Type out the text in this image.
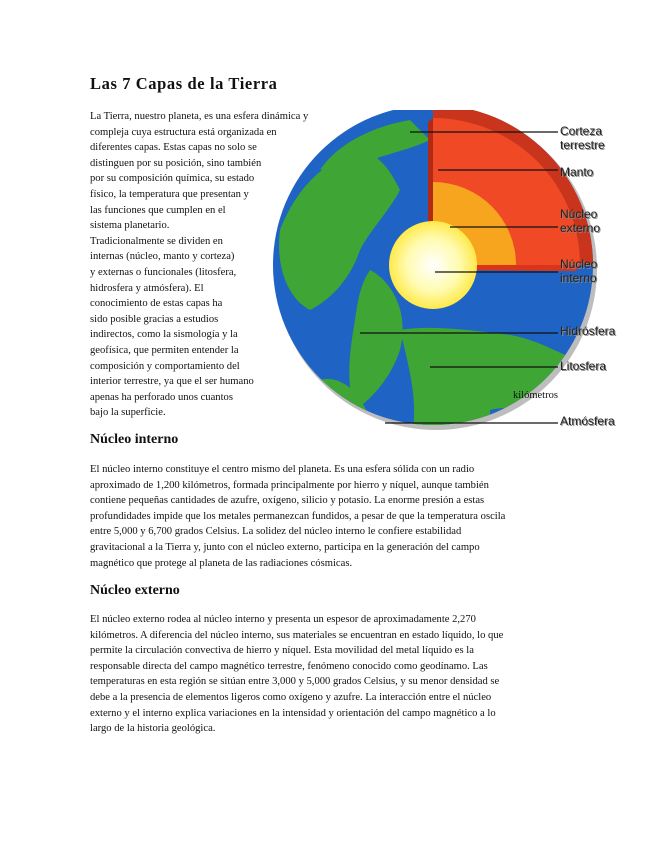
Las 7 Capas de la Tierra
Corteza
terrestre
Manto
Núcleo
externo
Núcleo
interno
Hidrósfera
Litosfera
Atmósfera
La Tierra, nuestro planeta, es una esfera dinámica y
compleja cuya estructura está organizada en
diferentes capas. Estas capas no solo se
distinguen por su posición, sino también
por su composición química, su estado
físico, la temperatura que presentan y
las funciones que cumplen en el
sistema planetario.
Tradicionalmente se dividen en
internas (núcleo, manto y corteza)
y externas o funcionales (litosfera,
hidrosfera y atmósfera). El
conocimiento de estas capas ha
sido posible gracias a estudios
indirectos, como la sismología y la
geofísica, que permiten entender la
composición y comportamiento del
interior terrestre, ya que el ser humano
apenas ha perforado unos cuantos
bajo la superficie.
kilómetros
Núcleo interno
El núcleo interno constituye el centro mismo del planeta. Es una esfera sólida con un radio
aproximado de 1,200 kilómetros, formada principalmente por hierro y níquel, aunque también
contiene pequeñas cantidades de azufre, oxígeno, silicio y potasio. La enorme presión a estas
profundidades impide que los metales permanezcan fundidos, a pesar de que la temperatura oscila
entre 5,000 y 6,700 grados Celsius. La solidez del núcleo interno le confiere estabilidad
gravitacional a la Tierra y, junto con el núcleo externo, participa en la generación del campo
magnético que protege al planeta de las radiaciones cósmicas.
Núcleo externo
El núcleo externo rodea al núcleo interno y presenta un espesor de aproximadamente 2,270
kilómetros. A diferencia del núcleo interno, sus materiales se encuentran en estado líquido, lo que
permite la circulación convectiva de hierro y níquel. Esta movilidad del metal líquido es la
responsable directa del campo magnético terrestre, fenómeno conocido como geodínamo. Las
temperaturas en esta región se sitúan entre 3,000 y 5,000 grados Celsius, y su menor densidad se
debe a la presencia de elementos ligeros como oxígeno y azufre. La interacción entre el núcleo
externo y el interno explica variaciones en la intensidad y orientación del campo magnético a lo
largo de la historia geológica.
